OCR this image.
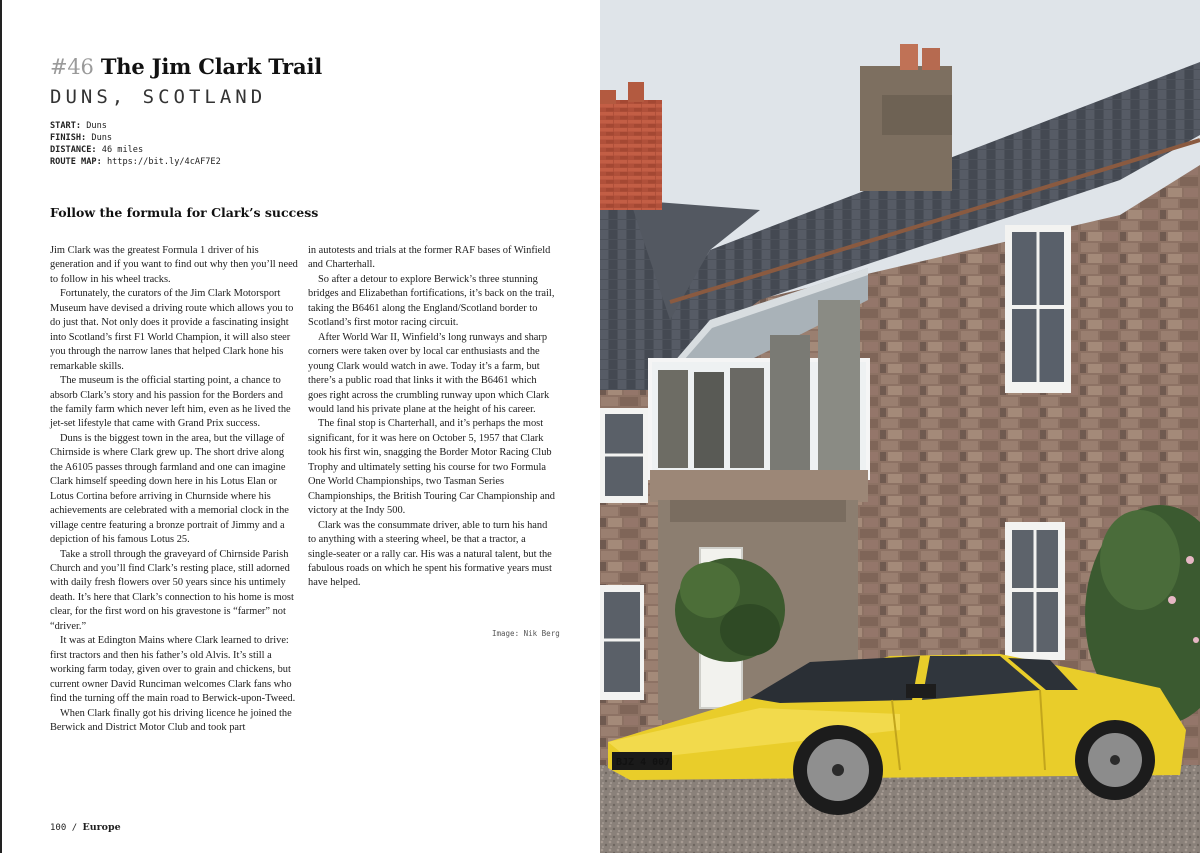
#46 The Jim Clark Trail
DUNS, SCOTLAND
START: Duns
FINISH: Duns
DISTANCE: 46 miles
ROUTE MAP: https://bit.ly/4cAF7E2
Follow the formula for Clark’s success

Jim Clark was the greatest Formula 1 driver of his generation and if you want to find out why then you’ll need to follow in his wheel tracks.

Fortunately, the curators of the Jim Clark Motorsport Museum have devised a driving route which allows you to do just that. Not only does it provide a fascinating insight into Scotland’s first F1 World Champion, it will also steer you through the narrow lanes that helped Clark hone his remarkable skills.

The museum is the official starting point, a chance to absorb Clark’s story and his passion for the Borders and the family farm which never left him, even as he lived the jet-set lifestyle that came with Grand Prix success.

Duns is the biggest town in the area, but the village of Chirnside is where Clark grew up. The short drive along the A6105 passes through farmland and one can imagine Clark himself speeding down here in his Lotus Elan or Lotus Cortina before arriving in Churnside where his achievements are celebrated with a memorial clock in the village centre featuring a bronze portrait of Jimmy and a depiction of his famous Lotus 25.

Take a stroll through the graveyard of Chirnside Parish Church and you’ll find Clark’s resting place, still adorned with daily fresh flowers over 50 years since his untimely death. It’s here that Clark’s connection to his home is most clear, for the first word on his gravestone is “farmer” not “driver.”

It was at Edington Mains where Clark learned to drive: first tractors and then his father’s old Alvis. It’s still a working farm today, given over to grain and chickens, but current owner David Runciman welcomes Clark fans who find the turning off the main road to Berwick-upon-Tweed.

When Clark finally got his driving licence he joined the Berwick and District Motor Club and took part

in autotests and trials at the former RAF bases of Winfield and Charterhall.

So after a detour to explore Berwick’s three stunning bridges and Elizabethan fortifications, it’s back on the trail, taking the B6461 along the England/Scotland border to Scotland’s first motor racing circuit.

After World War II, Winfield’s long runways and sharp corners were taken over by local car enthusiasts and the young Clark would watch in awe. Today it’s a farm, but there’s a public road that links it with the B6461 which goes right across the crumbling runway upon which Clark would land his private plane at the height of his career.

The final stop is Charterhall, and it’s perhaps the most significant, for it was here on October 5, 1957 that Clark took his first win, snagging the Border Motor Racing Club Trophy and ultimately setting his course for two Formula One World Championships, two Tasman Series Championships, the British Touring Car Championship and victory at the Indy 500.

Clark was the consummate driver, able to turn his hand to anything with a steering wheel, be that a tractor, a single-seater or a rally car. His was a natural talent, but the fabulous roads on which he spent his formative years must have helped.

Image: Nik Berg
100 / Europe
BJZ 4 007
